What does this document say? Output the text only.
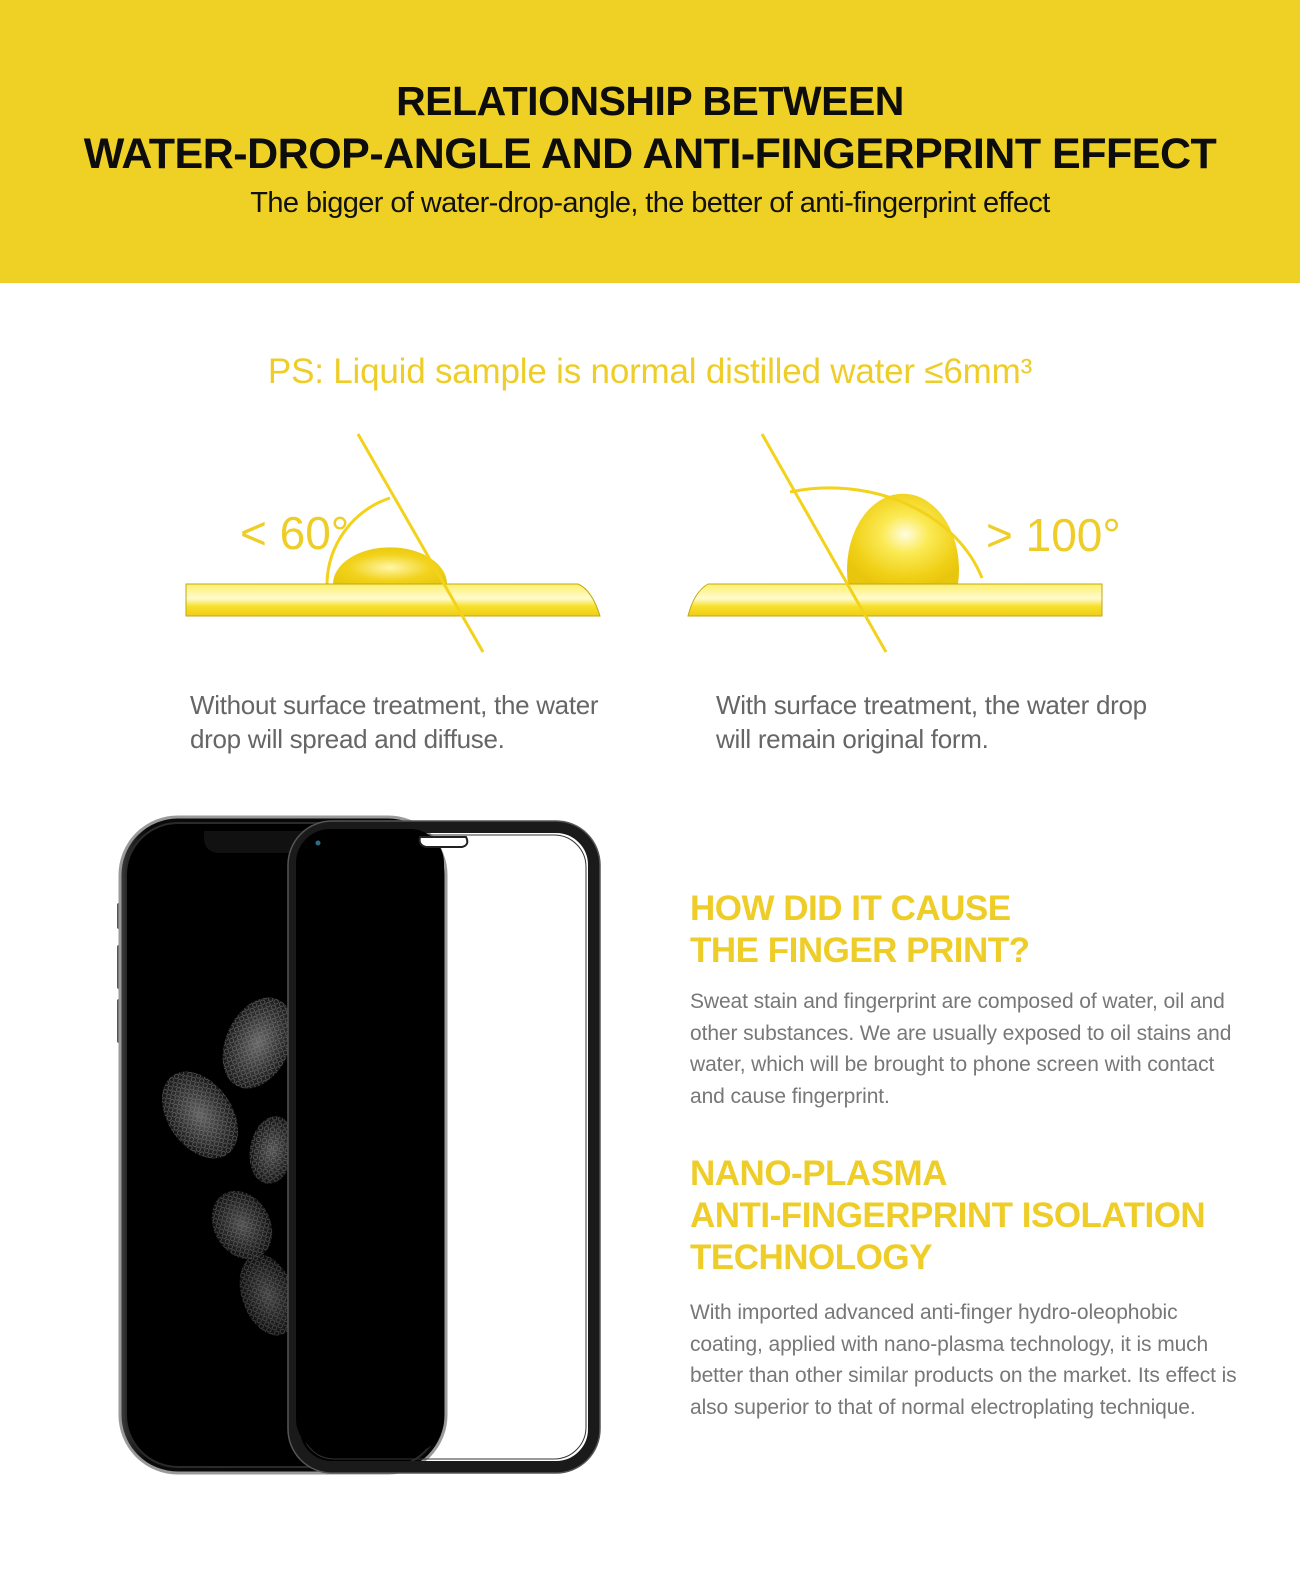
RELATIONSHIP BETWEEN
WATER-DROP-ANGLE AND ANTI-FINGERPRINT EFFECT
The bigger of water-drop-angle, the better of anti-fingerprint effect
PS: Liquid sample is normal distilled water ≤6mm³
< 60°
Without surface treatment, the water drop will spread and diffuse.
> 100°
With surface treatment, the water drop will remain original form.
HOW DID IT CAUSE
THE FINGER PRINT?

Sweat stain and fingerprint are composed of water, oil and other substances. We are usually exposed to oil stains and water, which will be brought to phone screen with contact and cause fingerprint.

NANO-PLASMA
ANTI-FINGERPRINT ISOLATION
TECHNOLOGY

With imported advanced anti-finger hydro-oleophobic coating, applied with nano-plasma technology, it is much better than other similar products on the market. Its effect is also superior to that of normal electroplating technique.
